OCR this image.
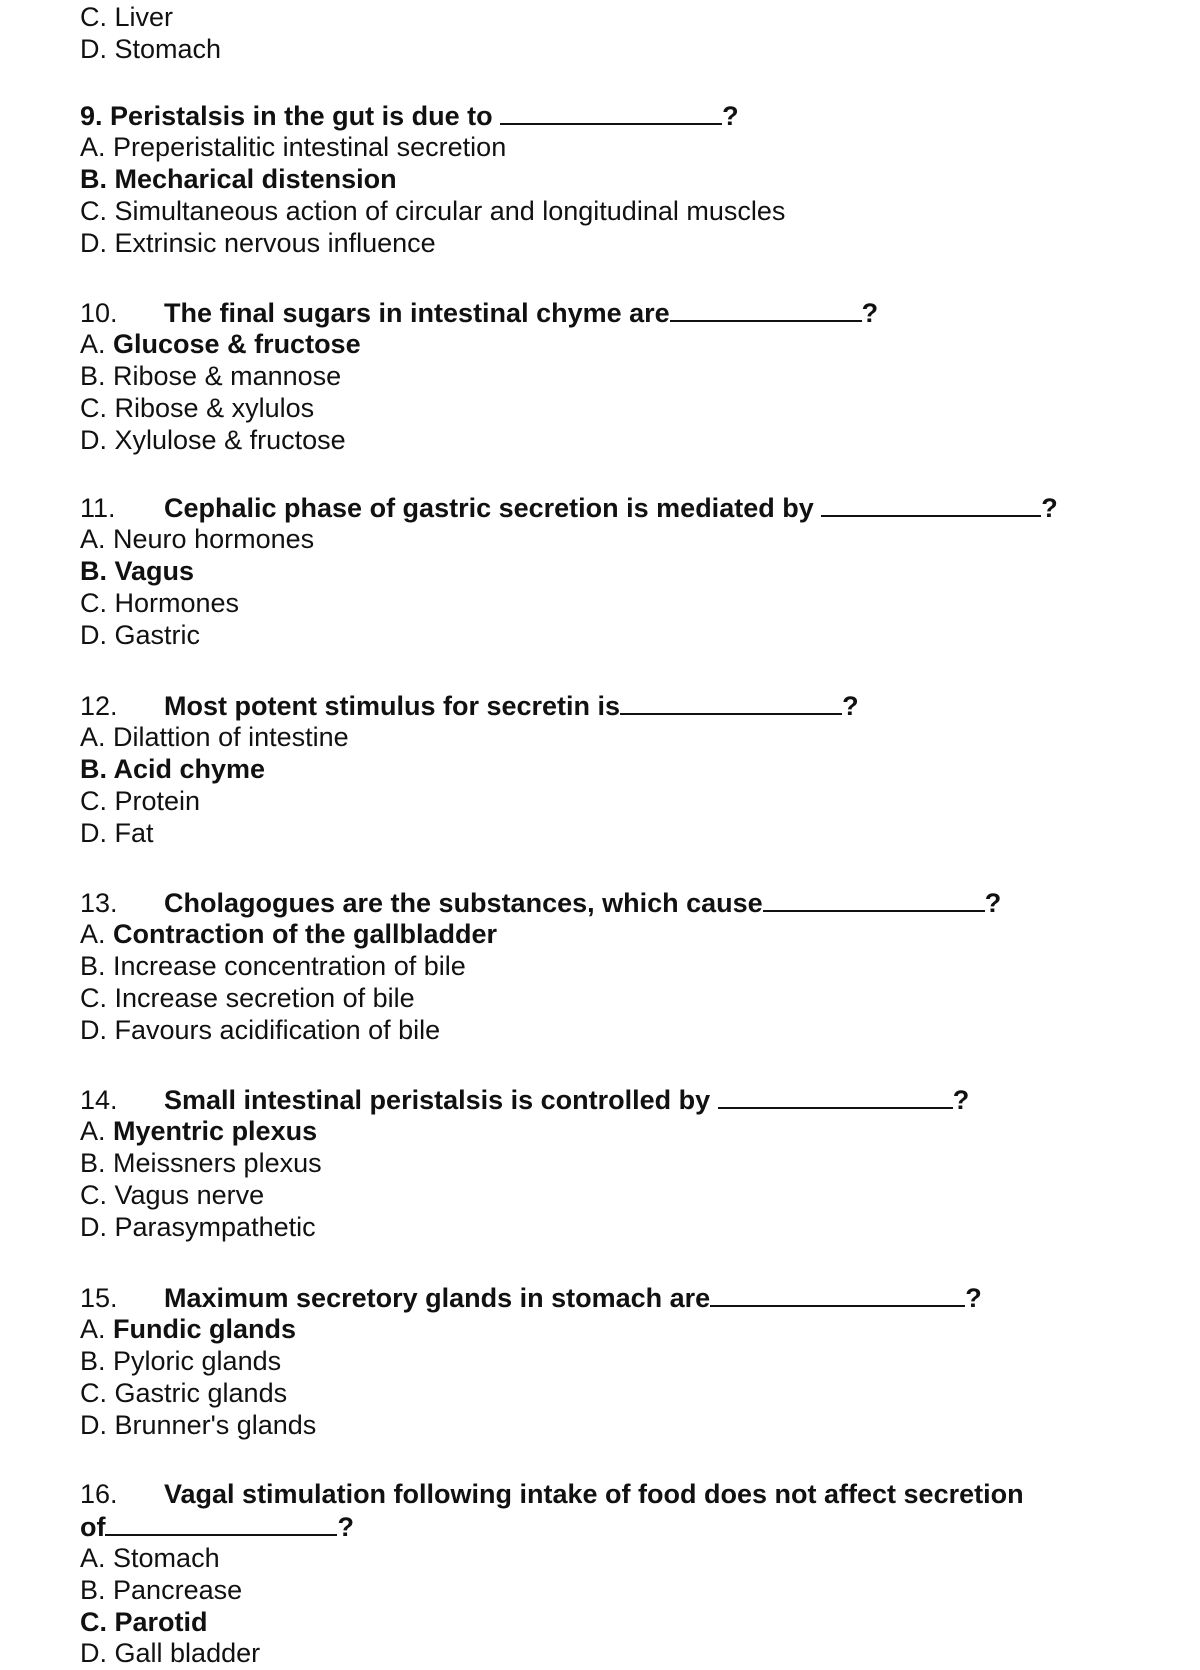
C. Liver
D. Stomach
9. Peristalsis in the gut is due to	?
A. Preperistalitic intestinal secretion
B. Mecharical distension
C. Simultaneous action of circular and longitudinal muscles
D. Extrinsic nervous influence
10. The final sugars in intestinal chyme are	?
A. Glucose & fructose
B. Ribose & mannose
C. Ribose & xylulos
D. Xylulose & fructose
11. Cephalic phase of gastric secretion is mediated by	?
A. Neuro hormones
B. Vagus
C. Hormones
D. Gastric
12. Most potent stimulus for secretin is	?
A. Dilattion of intestine
B. Acid chyme
C. Protein
D. Fat
13. Cholagogues are the substances, which cause	?
A. Contraction of the gallbladder
B. Increase concentration of bile
C. Increase secretion of bile
D. Favours acidification of bile
14. Small intestinal peristalsis is controlled by	?
A. Myentric plexus
B. Meissners plexus
C. Vagus nerve
D. Parasympathetic
15. Maximum secretory glands in stomach are	?
A. Fundic glands
B. Pyloric glands
C. Gastric glands
D. Brunner's glands
16. Vagal stimulation following intake of food does not affect secretion
of	?
A. Stomach
B. Pancrease
C. Parotid
D. Gall bladder
